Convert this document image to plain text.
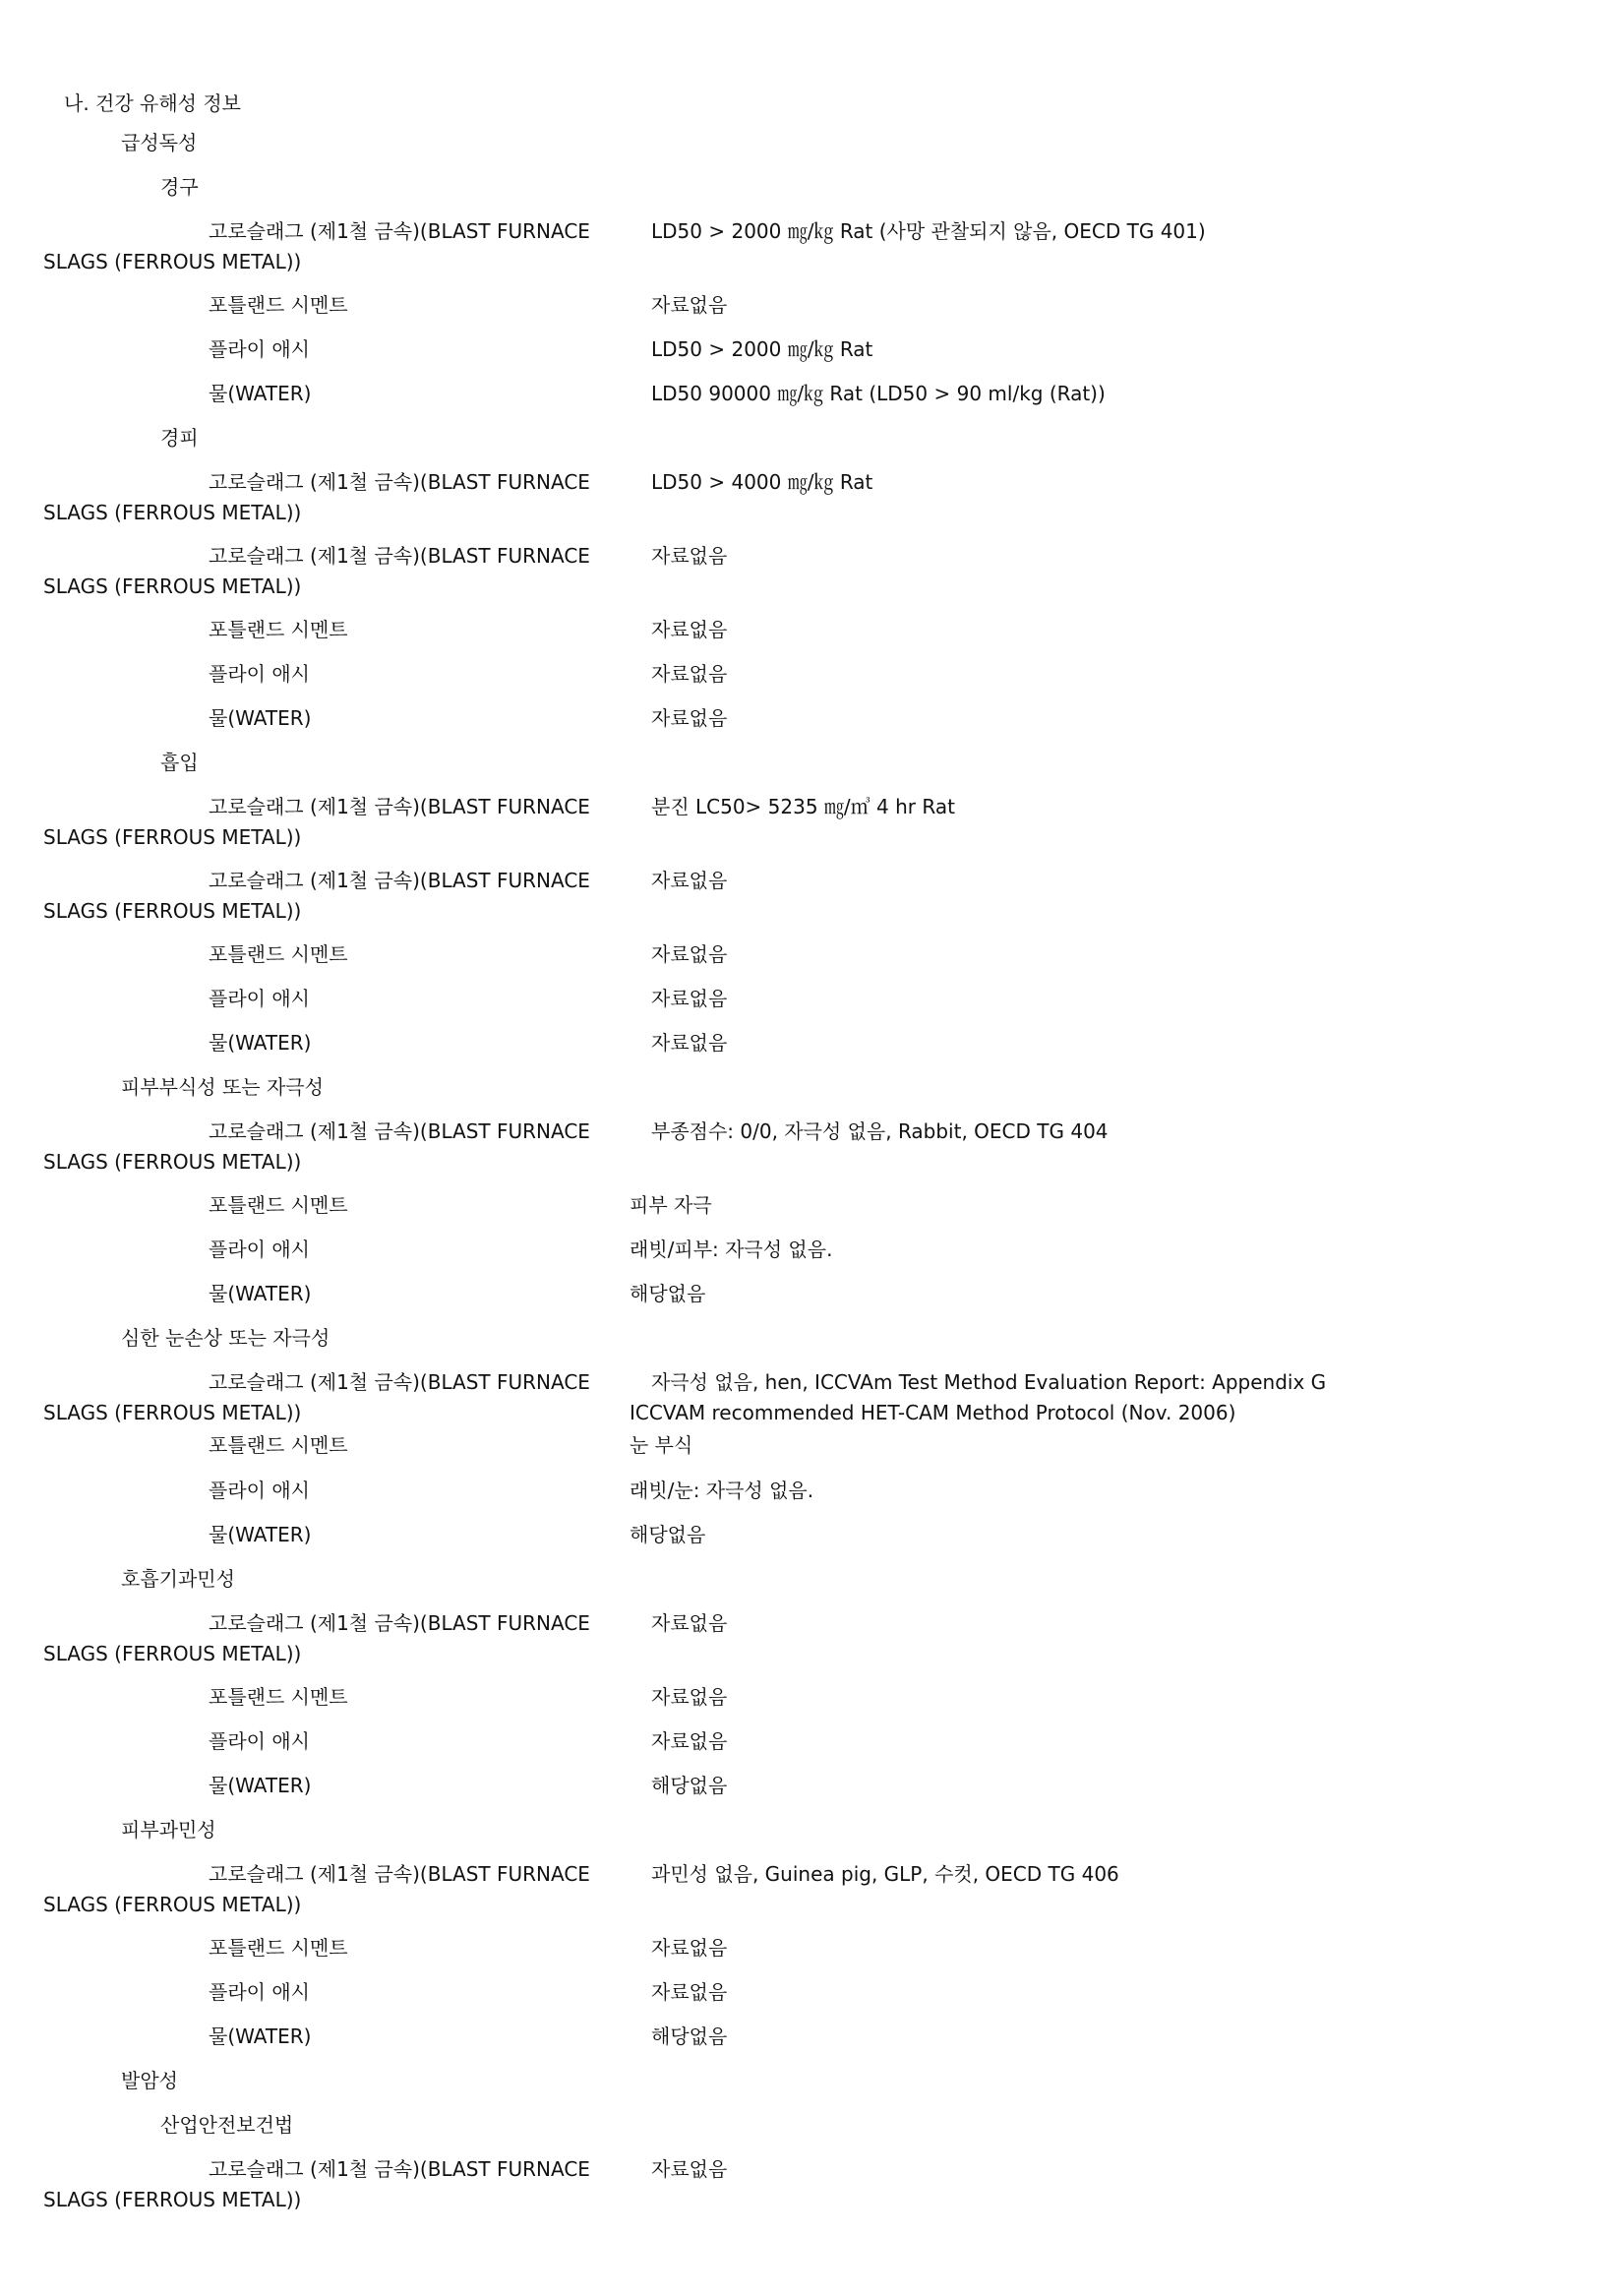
나. 건강 유해성 정보
급성독성
경구
고로슬래그 (제1철 금속)(BLAST FURNACE	LD50 > 2000 ㎎/㎏ Rat (사망 관찰되지 않음, OECD TG 401)
SLAGS (FERROUS METAL))
포틀랜드 시멘트	자료없음
플라이 애시	LD50 > 2000 ㎎/㎏ Rat
물(WATER)	LD50 90000 ㎎/㎏ Rat (LD50 > 90 ml/kg (Rat))
경피
고로슬래그 (제1철 금속)(BLAST FURNACE	LD50 > 4000 ㎎/㎏ Rat
SLAGS (FERROUS METAL))
고로슬래그 (제1철 금속)(BLAST FURNACE	자료없음
SLAGS (FERROUS METAL))
포틀랜드 시멘트	자료없음
플라이 애시	자료없음
물(WATER)	자료없음
흡입
고로슬래그 (제1철 금속)(BLAST FURNACE	분진 LC50> 5235 ㎎/㎥ 4 hr Rat
SLAGS (FERROUS METAL))
고로슬래그 (제1철 금속)(BLAST FURNACE	자료없음
SLAGS (FERROUS METAL))
포틀랜드 시멘트	자료없음
플라이 애시	자료없음
물(WATER)	자료없음
피부부식성 또는 자극성
고로슬래그 (제1철 금속)(BLAST FURNACE	부종점수: 0/0, 자극성 없음, Rabbit, OECD TG 404
SLAGS (FERROUS METAL))
포틀랜드 시멘트	피부 자극
플라이 애시	래빗/피부: 자극성 없음.
물(WATER)	해당없음
심한 눈손상 또는 자극성
고로슬래그 (제1철 금속)(BLAST FURNACE	자극성 없음, hen, ICCVAm Test Method Evaluation Report: Appendix G
SLAGS (FERROUS METAL))	ICCVAM recommended HET-CAM Method Protocol (Nov. 2006)
포틀랜드 시멘트	눈 부식
플라이 애시	래빗/눈: 자극성 없음.
물(WATER)	해당없음
호흡기과민성
고로슬래그 (제1철 금속)(BLAST FURNACE	자료없음
SLAGS (FERROUS METAL))
포틀랜드 시멘트	자료없음
플라이 애시	자료없음
물(WATER)	해당없음
피부과민성
고로슬래그 (제1철 금속)(BLAST FURNACE	과민성 없음, Guinea pig, GLP, 수컷, OECD TG 406
SLAGS (FERROUS METAL))
포틀랜드 시멘트	자료없음
플라이 애시	자료없음
물(WATER)	해당없음
발암성
산업안전보건법
고로슬래그 (제1철 금속)(BLAST FURNACE	자료없음
SLAGS (FERROUS METAL))
